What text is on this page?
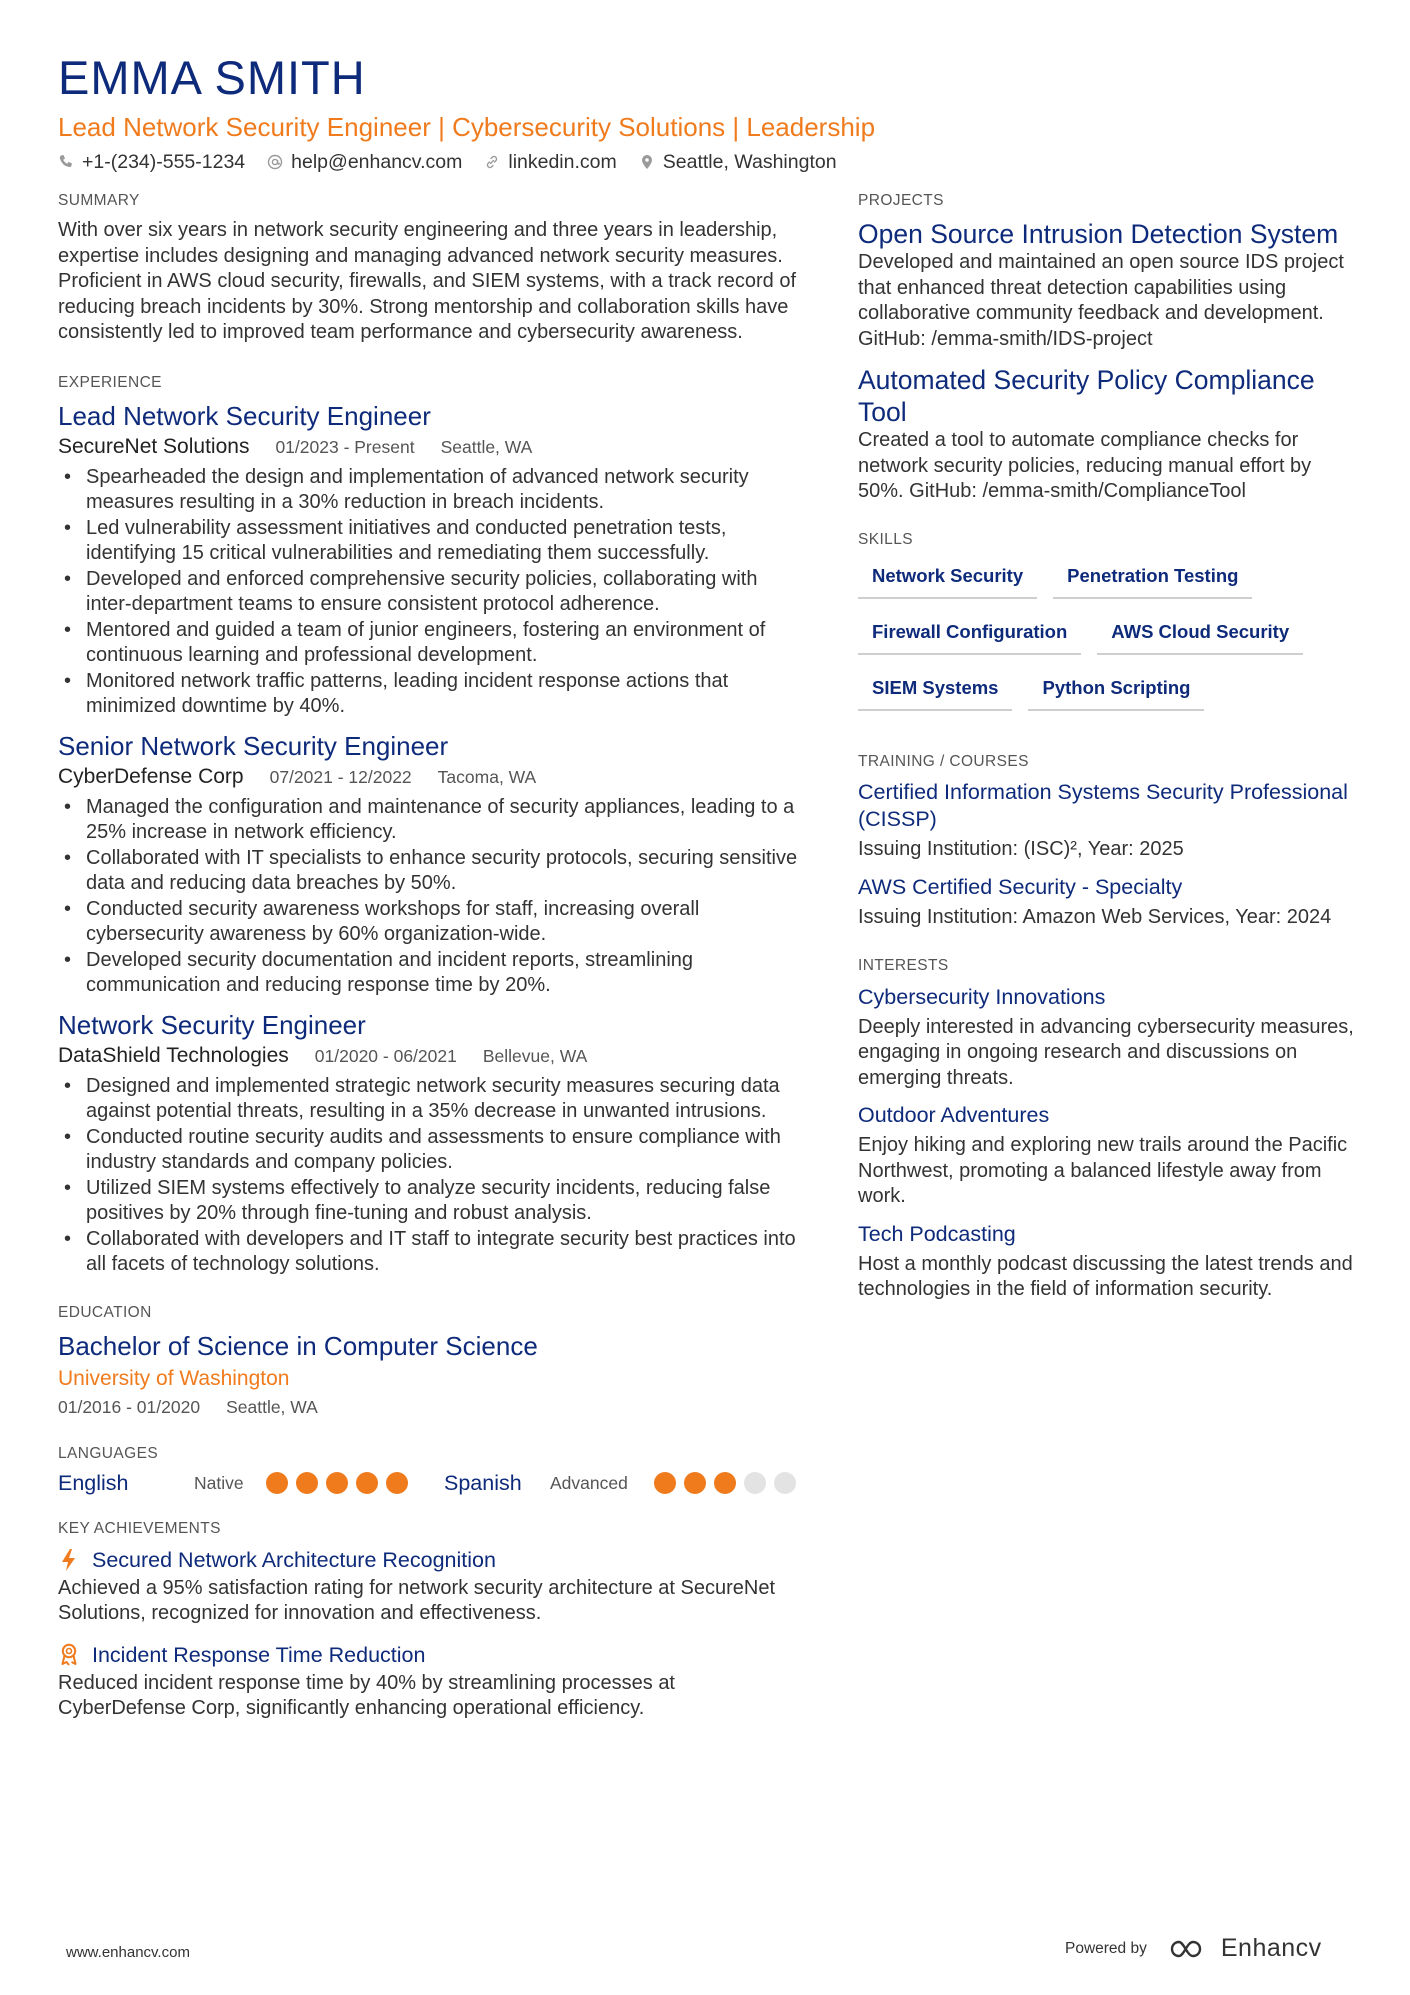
EMMA SMITH
Lead Network Security Engineer | Cybersecurity Solutions | Leadership
+1-(234)-555-1234 help@enhancv.com linkedin.com Seattle, Washington
SUMMARY
With over six years in network security engineering and three years in leadership, expertise includes designing and managing advanced network security measures. Proficient in AWS cloud security, firewalls, and SIEM systems, with a track record of reducing breach incidents by 30%. Strong mentorship and collaboration skills have consistently led to improved team performance and cybersecurity awareness.
EXPERIENCE
Lead Network Security Engineer
SecureNet Solutions 01/2023 - Present Seattle, WA
• Spearheaded the design and implementation of advanced network security measures resulting in a 30% reduction in breach incidents.
• Led vulnerability assessment initiatives and conducted penetration tests, identifying 15 critical vulnerabilities and remediating them successfully.
• Developed and enforced comprehensive security policies, collaborating with inter-department teams to ensure consistent protocol adherence.
• Mentored and guided a team of junior engineers, fostering an environment of continuous learning and professional development.
• Monitored network traffic patterns, leading incident response actions that minimized downtime by 40%.
Senior Network Security Engineer
CyberDefense Corp 07/2021 - 12/2022 Tacoma, WA
• Managed the configuration and maintenance of security appliances, leading to a 25% increase in network efficiency.
• Collaborated with IT specialists to enhance security protocols, securing sensitive data and reducing data breaches by 50%.
• Conducted security awareness workshops for staff, increasing overall cybersecurity awareness by 60% organization-wide.
• Developed security documentation and incident reports, streamlining communication and reducing response time by 20%.
Network Security Engineer
DataShield Technologies 01/2020 - 06/2021 Bellevue, WA
• Designed and implemented strategic network security measures securing data against potential threats, resulting in a 35% decrease in unwanted intrusions.
• Conducted routine security audits and assessments to ensure compliance with industry standards and company policies.
• Utilized SIEM systems effectively to analyze security incidents, reducing false positives by 20% through fine-tuning and robust analysis.
• Collaborated with developers and IT staff to integrate security best practices into all facets of technology solutions.
EDUCATION
Bachelor of Science in Computer Science
University of Washington
01/2016 - 01/2020 Seattle, WA
LANGUAGES
English	Native	Spanish	Advanced
KEY ACHIEVEMENTS
Secured Network Architecture Recognition
Achieved a 95% satisfaction rating for network security architecture at SecureNet Solutions, recognized for innovation and effectiveness.
Incident Response Time Reduction
Reduced incident response time by 40% by streamlining processes at CyberDefense Corp, significantly enhancing operational efficiency.
PROJECTS
Open Source Intrusion Detection System
Developed and maintained an open source IDS project that enhanced threat detection capabilities using collaborative community feedback and development. GitHub: /emma-smith/IDS-project
Automated Security Policy Compliance Tool
Created a tool to automate compliance checks for network security policies, reducing manual effort by 50%. GitHub: /emma-smith/ComplianceTool
SKILLS
Network Security	Penetration Testing
Firewall Configuration	AWS Cloud Security
SIEM Systems	Python Scripting
TRAINING / COURSES
Certified Information Systems Security Professional (CISSP)
Issuing Institution: (ISC)², Year: 2025
AWS Certified Security - Specialty
Issuing Institution: Amazon Web Services, Year: 2024
INTERESTS
Cybersecurity Innovations
Deeply interested in advancing cybersecurity measures, engaging in ongoing research and discussions on emerging threats.
Outdoor Adventures
Enjoy hiking and exploring new trails around the Pacific Northwest, promoting a balanced lifestyle away from work.
Tech Podcasting
Host a monthly podcast discussing the latest trends and technologies in the field of information security.
www.enhancv.com	Powered by	Enhancv
